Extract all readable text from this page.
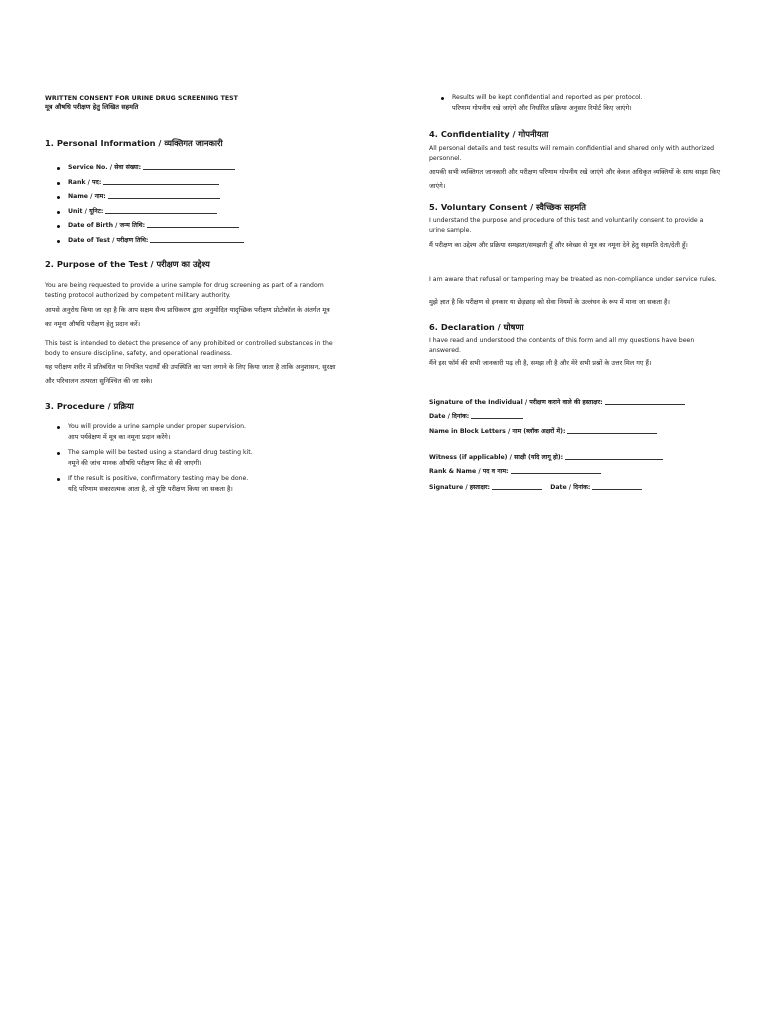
WRITTEN CONSENT FOR URINE DRUG SCREENING TEST
मूत्र औषधि परीक्षण हेतु लिखित सहमति
1. Personal Information / व्यक्तिगत जानकारी
Service No. / सेवा संख्या:
Rank / पद:
Name / नाम:
Unit / यूनिट:
Date of Birth / जन्म तिथि:
Date of Test / परीक्षण तिथि:
2. Purpose of the Test / परीक्षण का उद्देश्य
You are being requested to provide a urine sample for drug screening as part of a random testing protocol authorized by competent military authority.
आपसे अनुरोध किया जा रहा है कि आप सक्षम सैन्य प्राधिकरण द्वारा अनुमोदित यादृच्छिक परीक्षण प्रोटोकॉल के अंतर्गत मूत्र का नमूना औषधि परीक्षण हेतु प्रदान करें।
This test is intended to detect the presence of any prohibited or controlled substances in the body to ensure discipline, safety, and operational readiness.
यह परीक्षण शरीर में प्रतिबंधित या नियंत्रित पदार्थों की उपस्थिति का पता लगाने के लिए किया जाता है ताकि अनुशासन, सुरक्षा और परिचालन तत्परता सुनिश्चित की जा सके।
3. Procedure / प्रक्रिया
You will provide a urine sample under proper supervision.
आप पर्यवेक्षण में मूत्र का नमूना प्रदान करेंगे।
The sample will be tested using a standard drug testing kit.
नमूने की जांच मानक औषधि परीक्षण किट से की जाएगी।
If the result is positive, confirmatory testing may be done.
यदि परिणाम सकारात्मक आता है, तो पुष्टि परीक्षण किया जा सकता है।
Results will be kept confidential and reported as per protocol.
परिणाम गोपनीय रखे जाएंगे और निर्धारित प्रक्रिया अनुसार रिपोर्ट किए जाएंगे।
4. Confidentiality / गोपनीयता
All personal details and test results will remain confidential and shared only with authorized personnel.
आपकी सभी व्यक्तिगत जानकारी और परीक्षण परिणाम गोपनीय रखे जाएंगे और केवल अधिकृत व्यक्तियों के साथ साझा किए जाएंगे।
5. Voluntary Consent / स्वैच्छिक सहमति
I understand the purpose and procedure of this test and voluntarily consent to provide a urine sample.
मैं परीक्षण का उद्देश्य और प्रक्रिया समझता/समझती हूँ और स्वेच्छा से मूत्र का नमूना देने हेतु सहमति देता/देती हूँ।
I am aware that refusal or tampering may be treated as non-compliance under service rules.
मुझे ज्ञात है कि परीक्षण से इनकार या छेड़छाड़ को सेवा नियमों के उल्लंघन के रूप में माना जा सकता है।
6. Declaration / घोषणा
I have read and understood the contents of this form and all my questions have been answered.
मैंने इस फॉर्म की सभी जानकारी पढ़ ली है, समझ ली है और मेरे सभी प्रश्नों के उत्तर मिल गए हैं।
Signature of the Individual / परीक्षण कराने वाले की हस्ताक्षर:
Date / दिनांक:
Name in Block Letters / नाम (ब्लॉक अक्षरों में):
Witness (if applicable) / साक्षी (यदि लागू हो):
Rank & Name / पद व नाम:
Signature / हस्ताक्षर:	Date / दिनांक:
